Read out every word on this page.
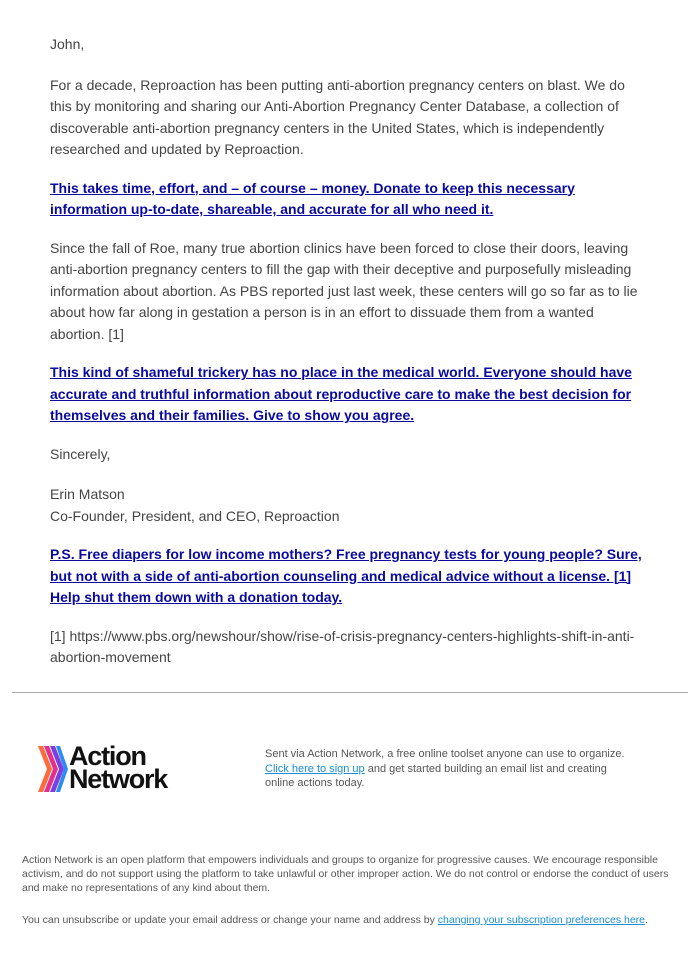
John,

For a decade, Reproaction has been putting anti-abortion pregnancy centers on blast. We do this by monitoring and sharing our Anti-Abortion Pregnancy Center Database, a collection of discoverable anti-abortion pregnancy centers in the United States, which is independently researched and updated by Reproaction.

This takes time, effort, and – of course – money. Donate to keep this necessary information up-to-date, shareable, and accurate for all who need it.

Since the fall of Roe, many true abortion clinics have been forced to close their doors, leaving anti-abortion pregnancy centers to fill the gap with their deceptive and purposefully misleading information about abortion. As PBS reported just last week, these centers will go so far as to lie about how far along in gestation a person is in an effort to dissuade them from a wanted abortion. [1]

This kind of shameful trickery has no place in the medical world. Everyone should have accurate and truthful information about reproductive care to make the best decision for themselves and their families. Give to show you agree.

Sincerely,

Erin Matson
Co-Founder, President, and CEO, Reproaction

P.S. Free diapers for low income mothers? Free pregnancy tests for young people? Sure, but not with a side of anti-abortion counseling and medical advice without a license. [1] Help shut them down with a donation today.

[1] https://www.pbs.org/newshour/show/rise-of-crisis-pregnancy-centers-highlights-shift-in-anti-abortion-movement

Action
Network
Sent via Action Network, a free online toolset anyone can use to organize.
Click here to sign up and get started building an email list and creating online actions today.

Action Network is an open platform that empowers individuals and groups to organize for progressive causes. We encourage responsible activism, and do not support using the platform to take unlawful or other improper action. We do not control or endorse the conduct of users and make no representations of any kind about them.

You can unsubscribe or update your email address or change your name and address by changing your subscription preferences here.
